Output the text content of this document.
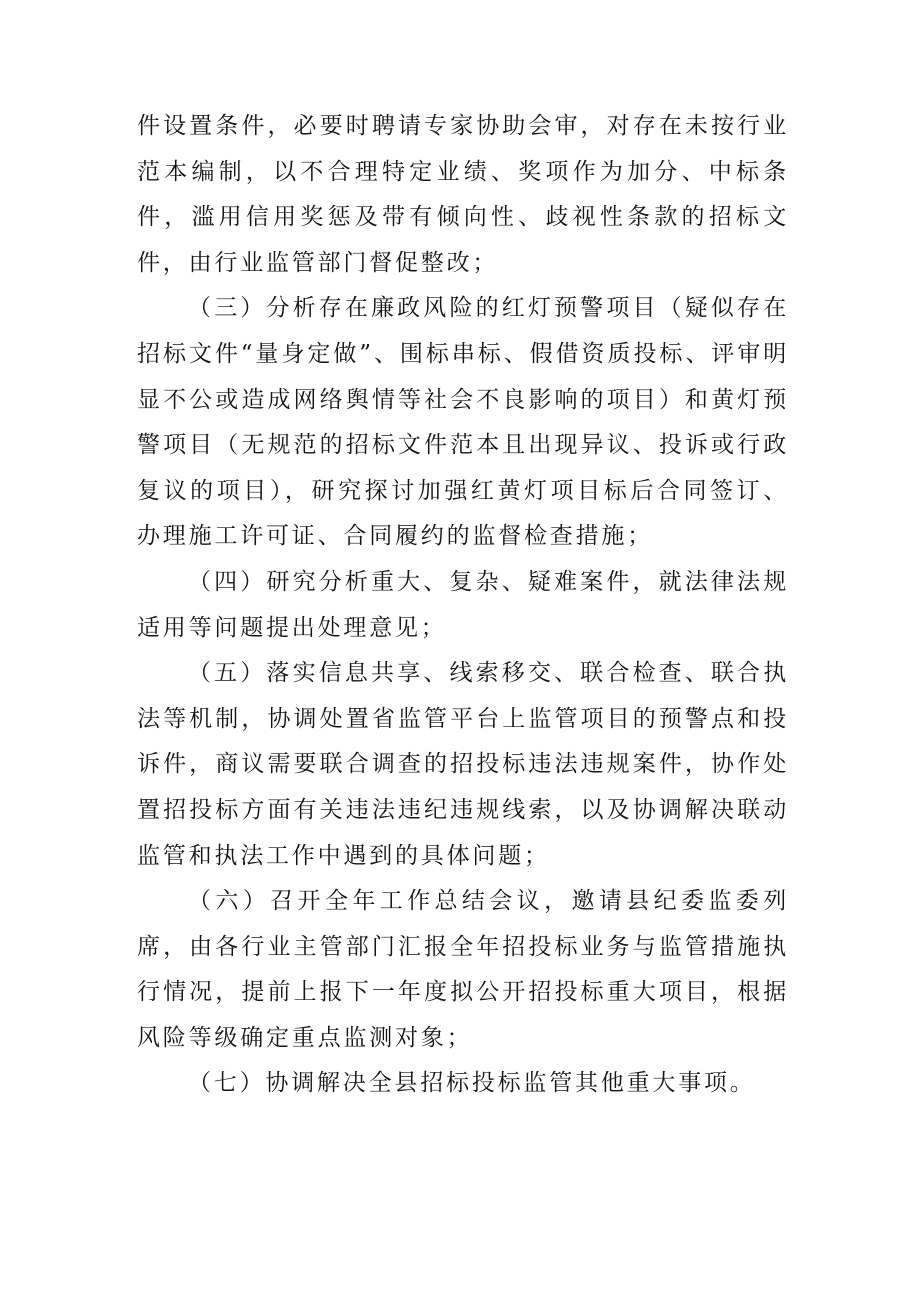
件设置条件，必要时聘请专家协助会审，对存在未按行业范本编制，以不合理特定业绩、奖项作为加分、中标条件，滥用信用奖惩及带有倾向性、歧视性条款的招标文件，由行业监管部门督促整改；

（三）分析存在廉政风险的红灯预警项目（疑似存在招标文件“量身定做”、围标串标、假借资质投标、评审明显不公或造成网络舆情等社会不良影响的项目）和黄灯预警项目（无规范的招标文件范本且出现异议、投诉或行政复议的项目），研究探讨加强红黄灯项目标后合同签订、办理施工许可证、合同履约的监督检查措施；

（四）研究分析重大、复杂、疑难案件，就法律法规适用等问题提出处理意见；

（五）落实信息共享、线索移交、联合检查、联合执法等机制，协调处置省监管平台上监管项目的预警点和投诉件，商议需要联合调查的招投标违法违规案件，协作处置招投标方面有关违法违纪违规线索，以及协调解决联动监管和执法工作中遇到的具体问题；

（六）召开全年工作总结会议，邀请县纪委监委列席，由各行业主管部门汇报全年招投标业务与监管措施执行情况，提前上报下一年度拟公开招投标重大项目，根据风险等级确定重点监测对象；

（七）协调解决全县招标投标监管其他重大事项。
